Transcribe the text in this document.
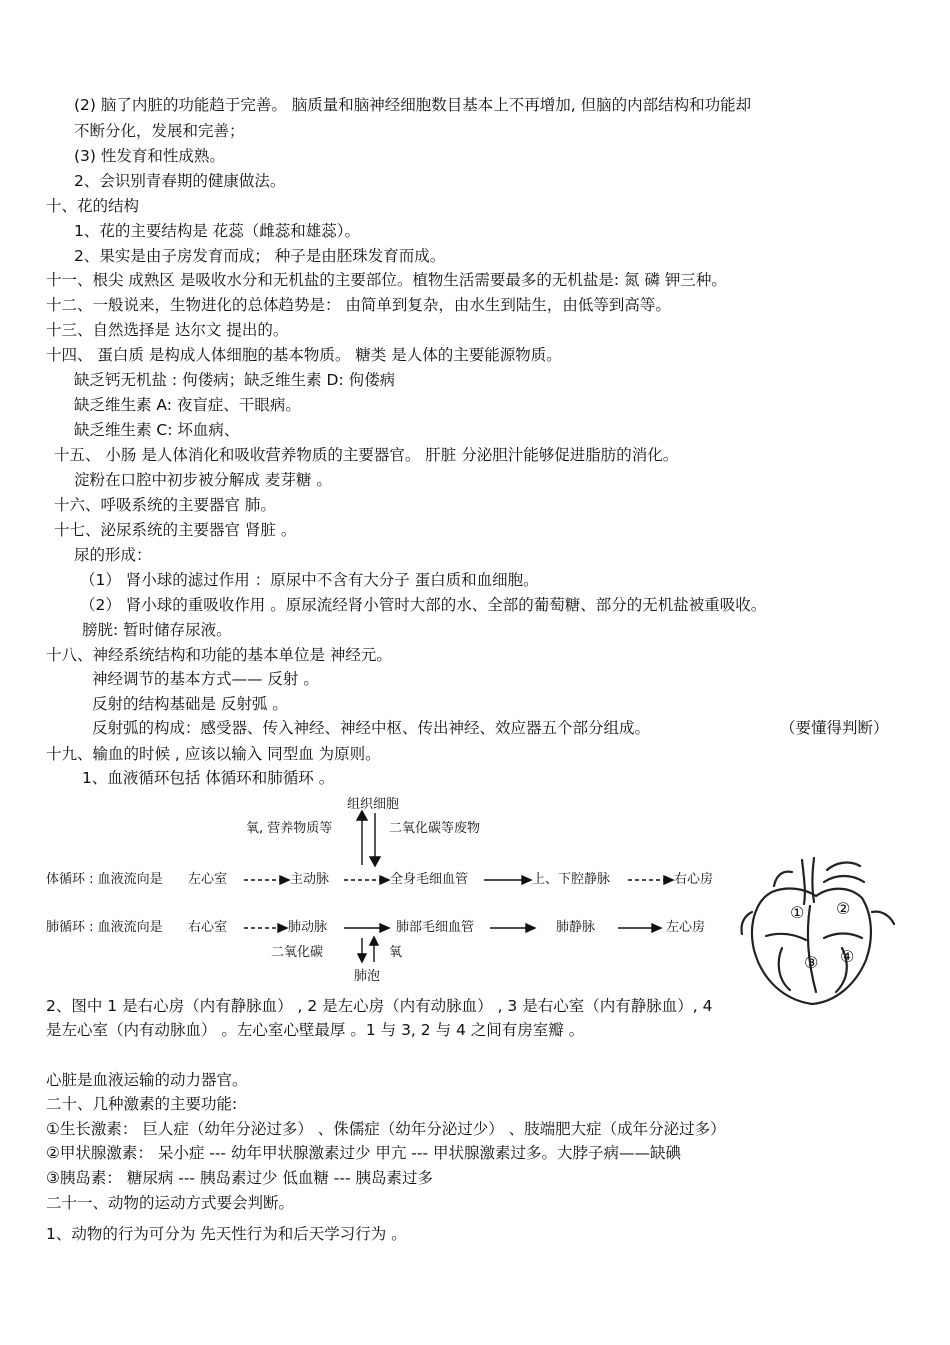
(2) 脑了内脏的功能趋于完善。 脑质量和脑神经细胞数目基本上不再增加, 但脑的内部结构和功能却
不断分化，发展和完善；
(3) 性发育和性成熟。
2、会识别青春期的健康做法。
十、花的结构
1、花的主要结构是 花蕊（雌蕊和雄蕊）。
2、果实是由子房发育而成； 种子是由胚珠发育而成。
十一、根尖 成熟区 是吸收水分和无机盐的主要部位。植物生活需要最多的无机盐是: 氮 磷 钾三种。
十二、一般说来，生物进化的总体趋势是： 由简单到复杂，由水生到陆生，由低等到高等。
十三、自然选择是 达尔文 提出的。
十四、 蛋白质 是构成人体细胞的基本物质。 糖类 是人体的主要能源物质。
缺乏钙无机盐 : 佝偻病；缺乏维生素 D: 佝偻病
缺乏维生素 A: 夜盲症、干眼病。
缺乏维生素 C: 坏血病、
十五、 小肠 是人体消化和吸收营养物质的主要器官。 肝脏 分泌胆汁能够促进脂肪的消化。
淀粉在口腔中初步被分解成 麦芽糖 。
十六、呼吸系统的主要器官 肺。
十七、泌尿系统的主要器官 肾脏 。
尿的形成：
（1） 肾小球的滤过作用 ：原尿中不含有大分子 蛋白质和血细胞。
（2） 肾小球的重吸收作用 。原尿流经肾小管时大部的水、全部的葡萄糖、部分的无机盐被重吸收。
膀胱: 暂时储存尿液。
十八、神经系统结构和功能的基本单位是 神经元。
神经调节的基本方式—— 反射 。
反射的结构基础是 反射弧 。
反射弧的构成：感受器、传入神经、神经中枢、传出神经、效应器五个部分组成。	（要懂得判断）
十九、输血的时候 , 应该以输入 同型血 为原则。
1、血液循环包括 体循环和肺循环 。
组织细胞
氧, 营养物质等	二氧化碳等废物
体循环 : 血液流向是 左心室	主动脉	全身毛细血管	上、下腔静脉	右心房
肺循环 : 血液流向是 右心室	肺动脉	肺部毛细血管	肺静脉	左心房
二氧化碳	氧
肺泡
① ②
③ ④
2、图中 1 是右心房（内有静脉血） , 2 是左心房（内有动脉血） , 3 是右心室（内有静脉血）, 4 是左心室（内有动脉血） 。左心室心壁最厚 。1 与 3, 2 与 4 之间有房室瓣 。
心脏是血液运输的动力器官。
二十、几种激素的主要功能:
①生长激素： 巨人症（幼年分泌过多） 、侏儒症（幼年分泌过少） 、肢端肥大症（成年分泌过多）
②甲状腺激素： 呆小症 --- 幼年甲状腺激素过少 甲亢 --- 甲状腺激素过多。大脖子病——缺碘
③胰岛素： 糖尿病 --- 胰岛素过少 低血糖 --- 胰岛素过多
二十一、动物的运动方式要会判断。
1、动物的行为可分为 先天性行为和后天学习行为 。
